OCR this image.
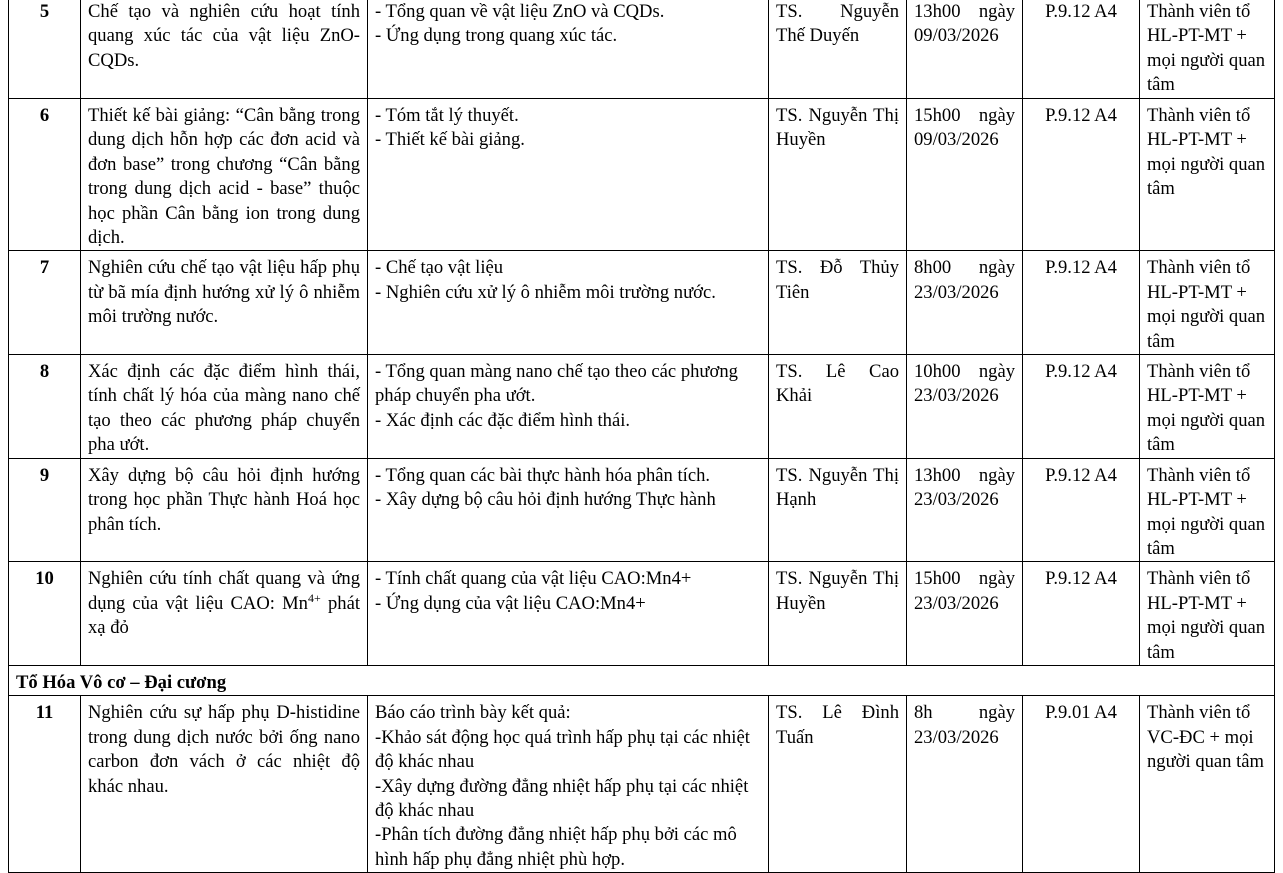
5	Chế tạo và nghiên cứu hoạt tính quang xúc tác của vật liệu ZnO-CQDs.	- Tổng quan về vật liệu ZnO và CQDs.
- Ứng dụng trong quang xúc tác.	TS. Nguyễn Thế Duyến	13h00 ngày 09/03/2026	P.9.12 A4	Thành viên tổ HL-PT-MT + mọi người quan tâm
6	Thiết kế bài giảng: “Cân bằng trong dung dịch hỗn hợp các đơn acid và đơn base” trong chương “Cân bằng trong dung dịch acid - base” thuộc học phần Cân bằng ion trong dung dịch.	- Tóm tắt lý thuyết.
- Thiết kế bài giảng.	TS. Nguyễn Thị Huyền	15h00 ngày 09/03/2026	P.9.12 A4	Thành viên tổ HL-PT-MT + mọi người quan tâm
7	Nghiên cứu chế tạo vật liệu hấp phụ từ bã mía định hướng xử lý ô nhiễm môi trường nước.	- Chế tạo vật liệu
- Nghiên cứu xử lý ô nhiễm môi trường nước.	TS. Đỗ Thủy Tiên	8h00 ngày 23/03/2026	P.9.12 A4	Thành viên tổ HL-PT-MT + mọi người quan tâm
8	Xác định các đặc điểm hình thái, tính chất lý hóa của màng nano chế tạo theo các phương pháp chuyển pha ướt.	- Tổng quan màng nano chế tạo theo các phương pháp chuyển pha ướt.
- Xác định các đặc điểm hình thái.	TS. Lê Cao Khải	10h00 ngày 23/03/2026	P.9.12 A4	Thành viên tổ HL-PT-MT + mọi người quan tâm
9	Xây dựng bộ câu hỏi định hướng trong học phần Thực hành Hoá học phân tích.	- Tổng quan các bài thực hành hóa phân tích.
- Xây dựng bộ câu hỏi định hướng Thực hành	TS. Nguyễn Thị Hạnh	13h00 ngày 23/03/2026	P.9.12 A4	Thành viên tổ HL-PT-MT + mọi người quan tâm
10	Nghiên cứu tính chất quang và ứng dụng của vật liệu CAO: $Mn^{4+}$ phát xạ đỏ	- Tính chất quang của vật liệu CAO:Mn4+
- Ứng dụng của vật liệu CAO:Mn4+	TS. Nguyễn Thị Huyền	15h00 ngày 23/03/2026	P.9.12 A4	Thành viên tổ HL-PT-MT + mọi người quan tâm
Tổ Hóa Vô cơ – Đại cương						
11	Nghiên cứu sự hấp phụ D-histidine trong dung dịch nước bởi ống nano carbon đơn vách ở các nhiệt độ khác nhau.	Báo cáo trình bày kết quả:
-Khảo sát động học quá trình hấp phụ tại các nhiệt độ khác nhau
-Xây dựng đường đẳng nhiệt hấp phụ tại các nhiệt độ khác nhau
-Phân tích đường đẳng nhiệt hấp phụ bởi các mô hình hấp phụ đẳng nhiệt phù hợp.	TS. Lê Đình Tuấn	8h ngày 23/03/2026	P.9.01 A4	Thành viên tổ VC-ĐC + mọi người quan tâm
